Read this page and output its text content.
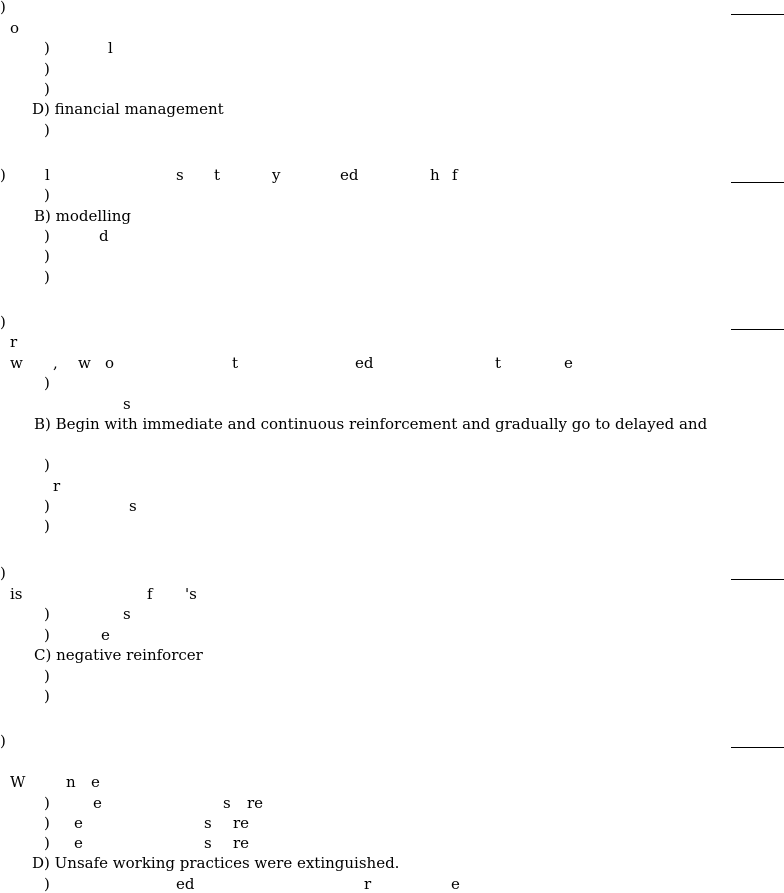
)
o
)	l
)
)
D) financial management
)
)	l	s t	y	ed	h f
)
B) modelling
)	d
)
)
)
r
w , w o	t	ed	t	e
)
s
B) Begin with immediate and continuous reinforcement and gradually go to delayed and
)
r
)	s
)
)
is	f 's
)	s
)	e
C) negative reinforcer
)
)
)
W	n e
)	e	s re
) e	s re
) e	s re
D) Unsafe working practices were extinguished.
)	ed	r	e
